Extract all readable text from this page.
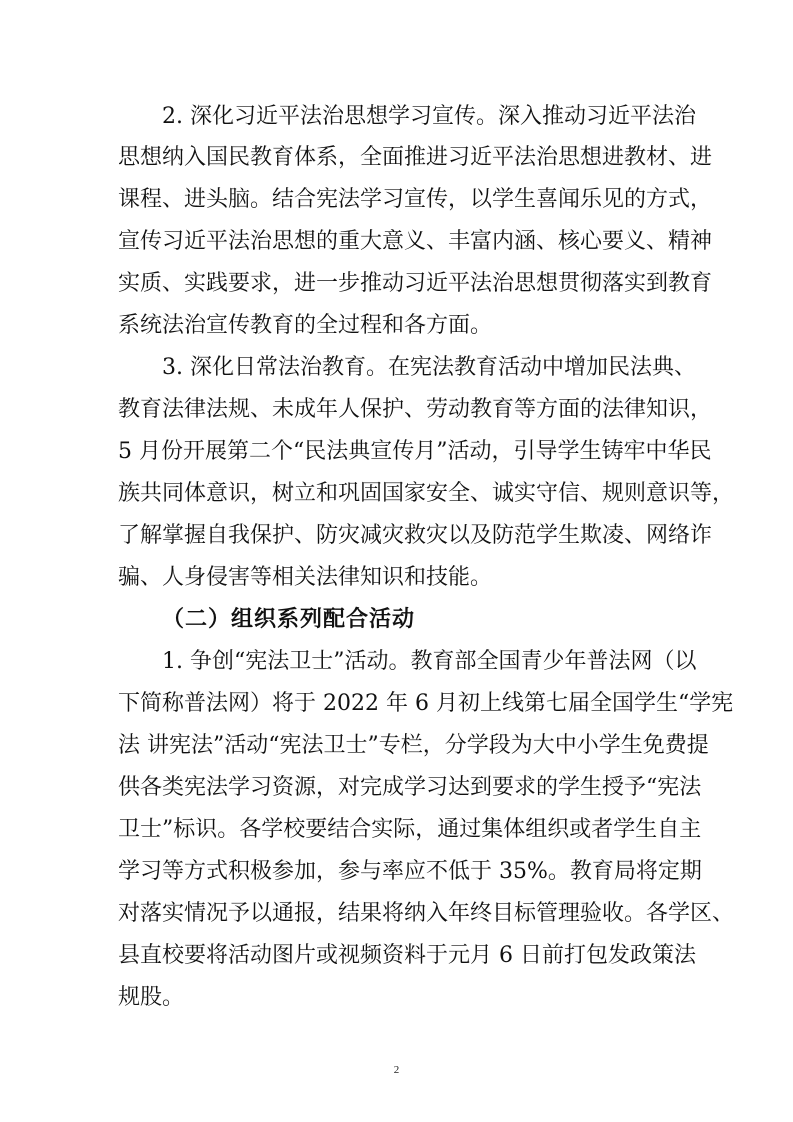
2. 深化习近平法治思想学习宣传。深入推动习近平法治
思想纳入国民教育体系，全面推进习近平法治思想进教材、进
课程、进头脑。结合宪法学习宣传，以学生喜闻乐见的方式，
宣传习近平法治思想的重大意义、丰富内涵、核心要义、精神
实质、实践要求，进一步推动习近平法治思想贯彻落实到教育
系统法治宣传教育的全过程和各方面。
3. 深化日常法治教育。在宪法教育活动中增加民法典、
教育法律法规、未成年人保护、劳动教育等方面的法律知识，
5 月份开展第二个“民法典宣传月”活动，引导学生铸牢中华民
族共同体意识，树立和巩固国家安全、诚实守信、规则意识等，
了解掌握自我保护、防灾减灾救灾以及防范学生欺凌、网络诈
骗、人身侵害等相关法律知识和技能。
（二）组织系列配合活动
1. 争创“宪法卫士”活动。教育部全国青少年普法网（以
下简称普法网）将于 2022 年 6 月初上线第七届全国学生“学宪
法 讲宪法”活动“宪法卫士”专栏，分学段为大中小学生免费提
供各类宪法学习资源，对完成学习达到要求的学生授予“宪法
卫士”标识。各学校要结合实际，通过集体组织或者学生自主
学习等方式积极参加，参与率应不低于 35%。教育局将定期
对落实情况予以通报，结果将纳入年终目标管理验收。各学区、
县直校要将活动图片或视频资料于元月 6 日前打包发政策法
规股。
2
